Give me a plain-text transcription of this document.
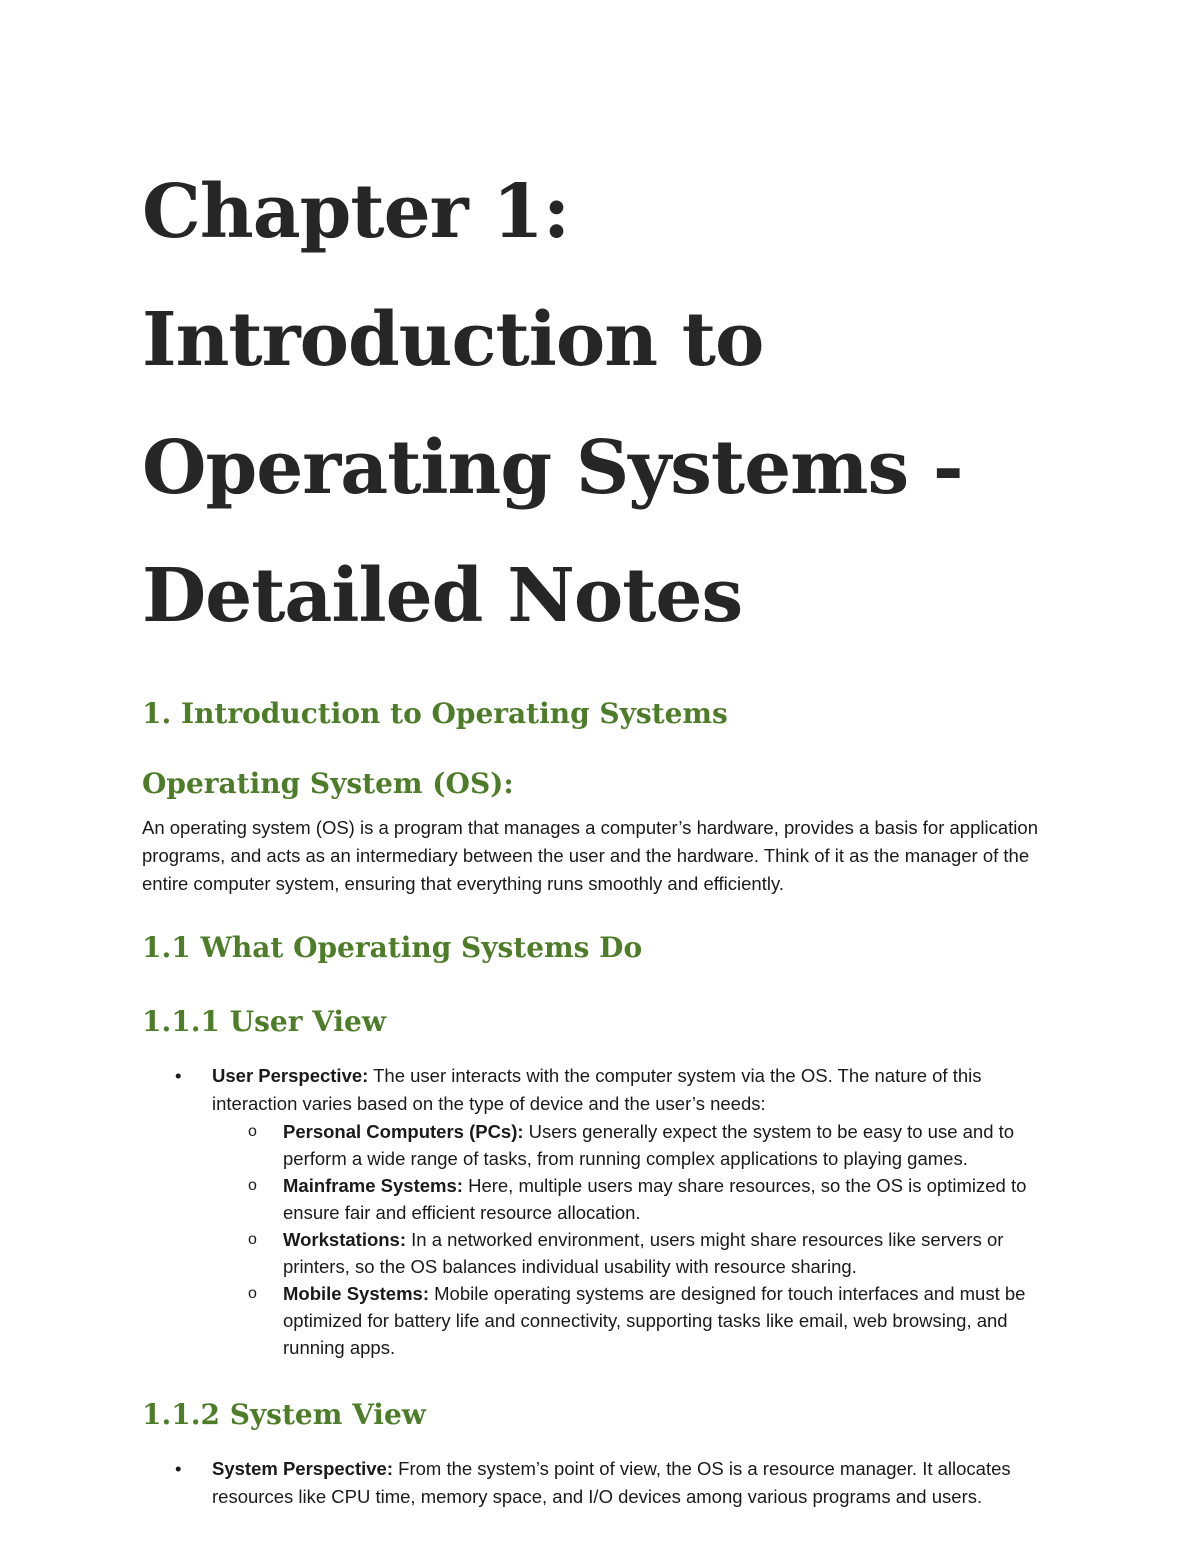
Chapter 1: Introduction to Operating Systems - Detailed Notes
1. Introduction to Operating Systems
Operating System (OS):

An operating system (OS) is a program that manages a computer’s hardware, provides a basis for application programs, and acts as an intermediary between the user and the hardware. Think of it as the manager of the entire computer system, ensuring that everything runs smoothly and efficiently.

1.1 What Operating Systems Do
1.1.1 User View
• User Perspective: The user interacts with the computer system via the OS. The nature of this interaction varies based on the type of device and the user’s needs:
o Personal Computers (PCs): Users generally expect the system to be easy to use and to perform a wide range of tasks, from running complex applications to playing games.
o Mainframe Systems: Here, multiple users may share resources, so the OS is optimized to ensure fair and efficient resource allocation.
o Workstations: In a networked environment, users might share resources like servers or printers, so the OS balances individual usability with resource sharing.
o Mobile Systems: Mobile operating systems are designed for touch interfaces and must be optimized for battery life and connectivity, supporting tasks like email, web browsing, and running apps.
1.1.2 System View
• System Perspective: From the system’s point of view, the OS is a resource manager. It allocates resources like CPU time, memory space, and I/O devices among various programs and users.
